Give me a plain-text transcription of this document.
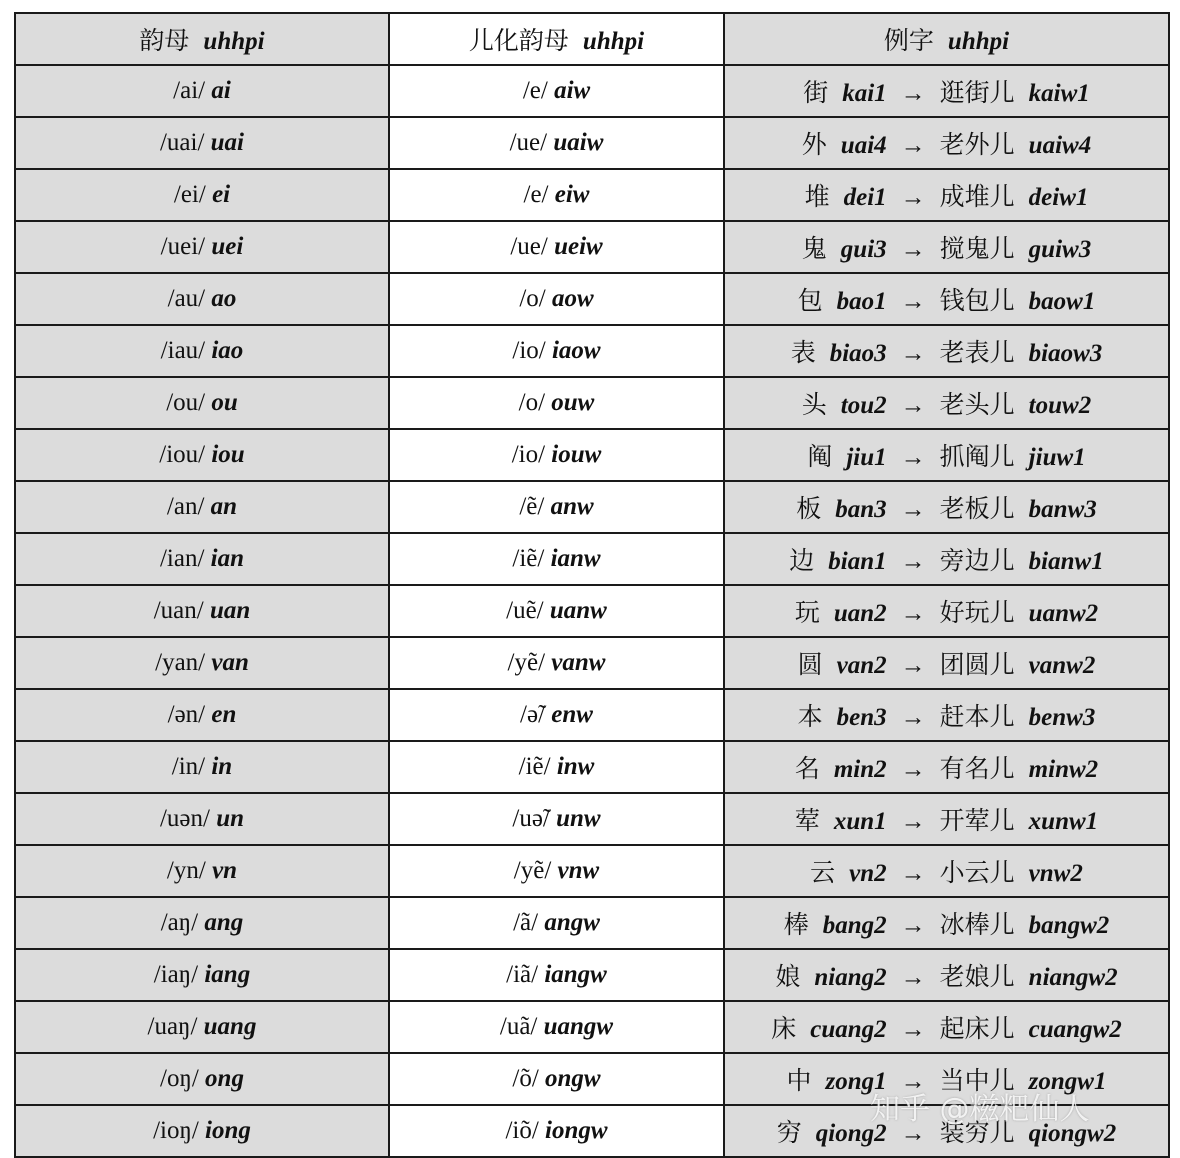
韵母 uhhpi	儿化韵母 uhhpi	例字 uhhpi
/ai/ ai	/e/ aiw	街 kai1 → 逛街儿 kaiw1
/uai/ uai	/ue/ uaiw	外 uai4 → 老外儿 uaiw4
/ei/ ei	/e/ eiw	堆 dei1 → 成堆儿 deiw1
/uei/ uei	/ue/ ueiw	鬼 gui3 → 搅鬼儿 guiw3
/au/ ao	/o/ aow	包 bao1 → 钱包儿 baow1
/iau/ iao	/io/ iaow	表 biao3 → 老表儿 biaow3
/ou/ ou	/o/ ouw	头 tou2 → 老头儿 touw2
/iou/ iou	/io/ iouw	阄 jiu1 → 抓阄儿 jiuw1
/an/ an	/ẽ/ anw	板 ban3 → 老板儿 banw3
/ian/ ian	/iẽ/ ianw	边 bian1 → 旁边儿 bianw1
/uan/ uan	/uẽ/ uanw	玩 uan2 → 好玩儿 uanw2
/yan/ van	/yẽ/ vanw	圆 van2 → 团圆儿 vanw2
/ən/ en	/ə̃/ enw	本 ben3 → 赶本儿 benw3
/in/ in	/iẽ/ inw	名 min2 → 有名儿 minw2
/uən/ un	/uə̃/ unw	荤 xun1 → 开荤儿 xunw1
/yn/ vn	/yẽ/ vnw	云 vn2 → 小云儿 vnw2
/aŋ/ ang	/ã/ angw	棒 bang2 → 冰棒儿 bangw2
/iaŋ/ iang	/iã/ iangw	娘 niang2 → 老娘儿 niangw2
/uaŋ/ uang	/uã/ uangw	床 cuang2 → 起床儿 cuangw2
/oŋ/ ong	/õ/ ongw	中 zong1 → 当中儿 zongw1
/ioŋ/ iong	/iõ/ iongw	穷 qiong2 → 装穷儿 qiongw2
知乎 @糍粑仙人
